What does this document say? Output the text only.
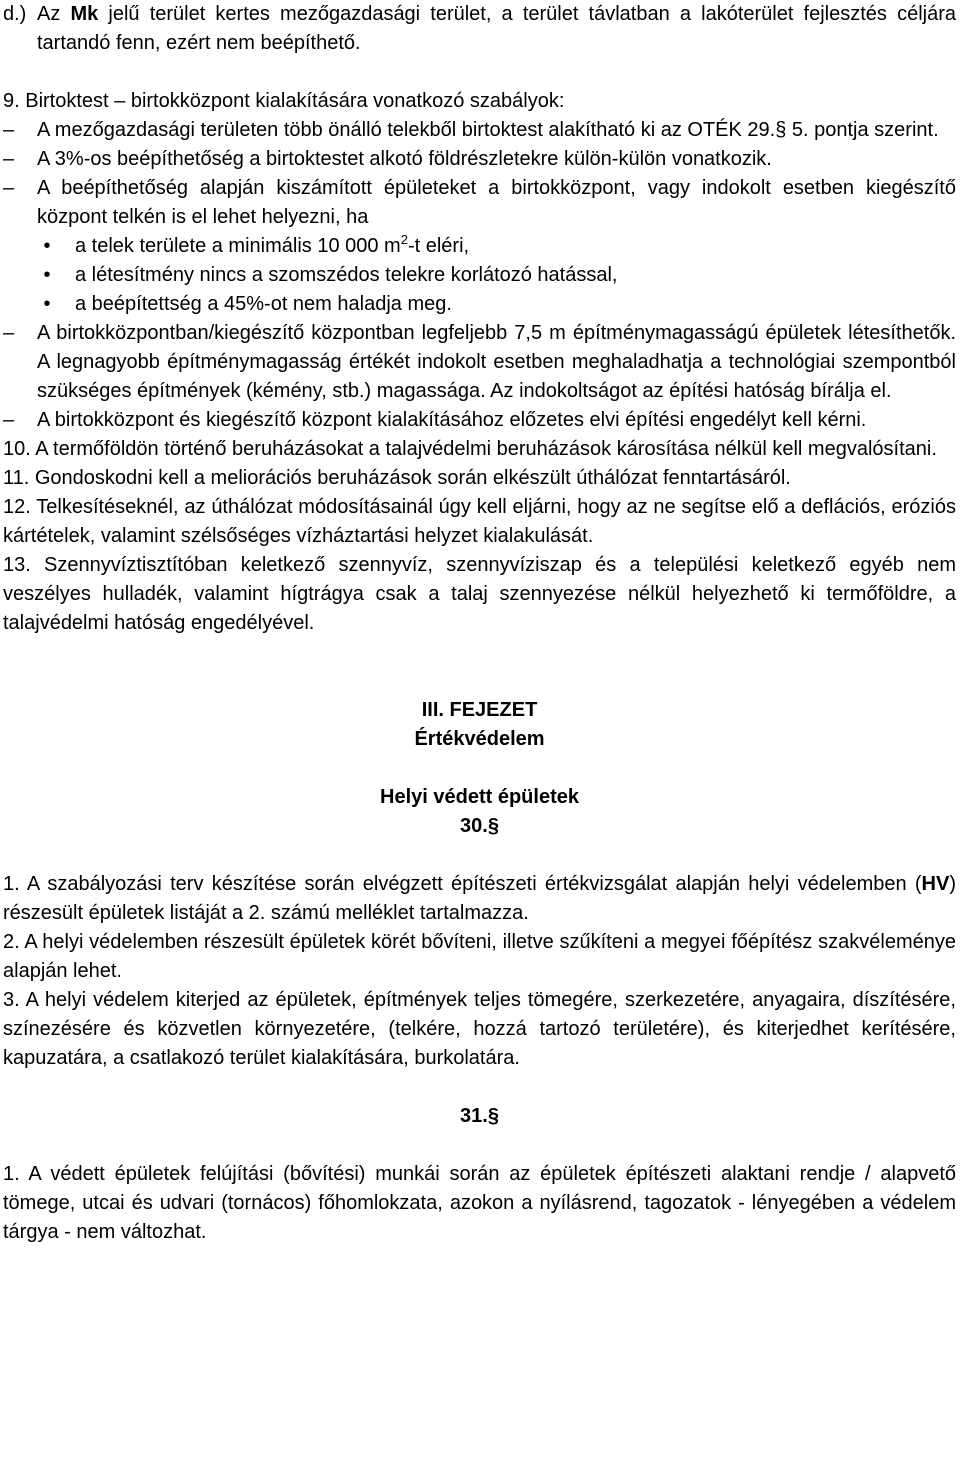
d.) Az Mk jelű terület kertes mezőgazdasági terület, a terület távlatban a lakóterület fejlesztés céljára tartandó fenn, ezért nem beépíthető.

9. Birtoktest – birtokközpont kialakítására vonatkozó szabályok:

– A mezőgazdasági területen több önálló telekből birtoktest alakítható ki az OTÉK 29.§ 5. pontja szerint.

– A 3%-os beépíthetőség a birtoktestet alkotó földrészletekre külön-külön vonatkozik.

– A beépíthetőség alapján kiszámított épületeket a birtokközpont, vagy indokolt esetben kiegészítő központ telkén is el lehet helyezni, ha

•	a telek területe a minimális 10 000 $m^2-t$ eléri,

•	a létesítmény nincs a szomszédos telekre korlátozó hatással,

•	a beépítettség a 45%-ot nem haladja meg.

– A birtokközpontban/kiegészítő központban legfeljebb 7,5 m építménymagasságú épületek létesíthetők. A legnagyobb építménymagasság értékét indokolt esetben meghaladhatja a technológiai szempontból szükséges építmények (kémény, stb.) magassága. Az indokoltságot az építési hatóság bírálja el.

– A birtokközpont és kiegészítő központ kialakításához előzetes elvi építési engedélyt kell kérni.

10. A termőföldön történő beruházásokat a talajvédelmi beruházások károsítása nélkül kell megvalósítani.

11. Gondoskodni kell a meliorációs beruházások során elkészült úthálózat fenntartásáról.

12. Telkesítéseknél, az úthálózat módosításainál úgy kell eljárni, hogy az ne segítse elő a deflációs, eróziós kártételek, valamint szélsőséges vízháztartási helyzet kialakulását.

13. Szennyvíztisztítóban keletkező szennyvíz, szennyvíziszap és a települési keletkező egyéb nem veszélyes hulladék, valamint hígtrágya csak a talaj szennyezése nélkül helyezhető ki termőföldre, a talajvédelmi hatóság engedélyével.

III. FEJEZET

Értékvédelem

Helyi védett épületek

30.§

1. A szabályozási terv készítése során elvégzett építészeti értékvizsgálat alapján helyi védelemben (HV) részesült épületek listáját a 2. számú melléklet tartalmazza.

2. A helyi védelemben részesült épületek körét bővíteni, illetve szűkíteni a megyei főépítész szakvéleménye alapján lehet.

3. A helyi védelem kiterjed az épületek, építmények teljes tömegére, szerkezetére, anyagaira, díszítésére, színezésére és közvetlen környezetére, (telkére, hozzá tartozó területére), és kiterjedhet kerítésére, kapuzatára, a csatlakozó terület kialakítására, burkolatára.

31.§

1. A védett épületek felújítási (bővítési) munkái során az épületek építészeti alaktani rendje / alapvető tömege, utcai és udvari (tornácos) főhomlokzata, azokon a nyílásrend, tagozatok - lényegében a védelem tárgya - nem változhat.
